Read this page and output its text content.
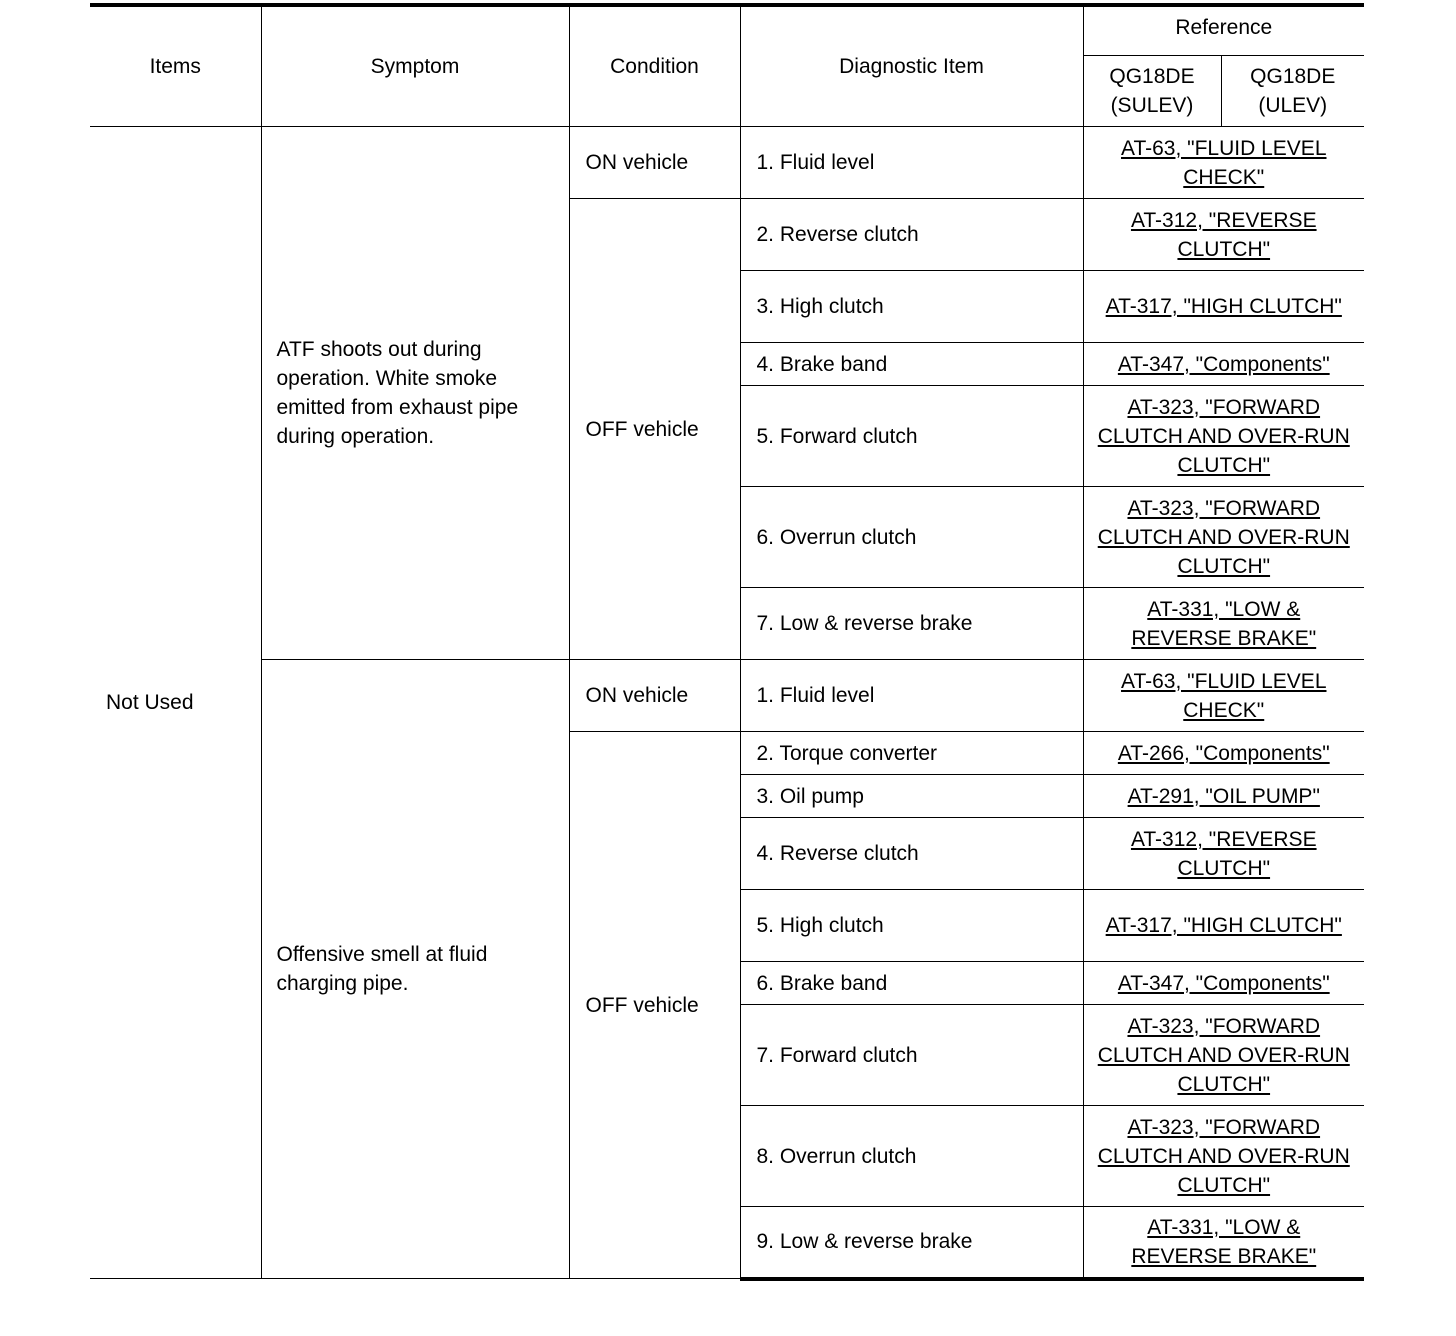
Items	Symptom	Condition	Diagnostic Item	Reference	
				QG18DE (SULEV)	QG18DE (ULEV)
Not Used	ATF shoots out during operation. White smoke emitted from exhaust pipe during operation.	ON vehicle	1. Fluid level	AT-63, "FLUID LEVEL CHECK"	
		OFF vehicle	2. Reverse clutch	AT-312, "REVERSE CLUTCH"	
			3. High clutch	AT-317, "HIGH CLUTCH"	
			4. Brake band	AT-347, "Components"	
			5. Forward clutch	AT-323, "FORWARD CLUTCH AND OVER-RUN CLUTCH"	
			6. Overrun clutch	AT-323, "FORWARD CLUTCH AND OVER-RUN CLUTCH"	
			7. Low & reverse brake	AT-331, "LOW & REVERSE BRAKE"	
	Offensive smell at fluid charging pipe.	ON vehicle	1. Fluid level	AT-63, "FLUID LEVEL CHECK"	
		OFF vehicle	2. Torque converter	AT-266, "Components"	
			3. Oil pump	AT-291, "OIL PUMP"	
			4. Reverse clutch	AT-312, "REVERSE CLUTCH"	
			5. High clutch	AT-317, "HIGH CLUTCH"	
			6. Brake band	AT-347, "Components"	
			7. Forward clutch	AT-323, "FORWARD CLUTCH AND OVER-RUN CLUTCH"	
			8. Overrun clutch	AT-323, "FORWARD CLUTCH AND OVER-RUN CLUTCH"	
			9. Low & reverse brake	AT-331, "LOW & REVERSE BRAKE"	
